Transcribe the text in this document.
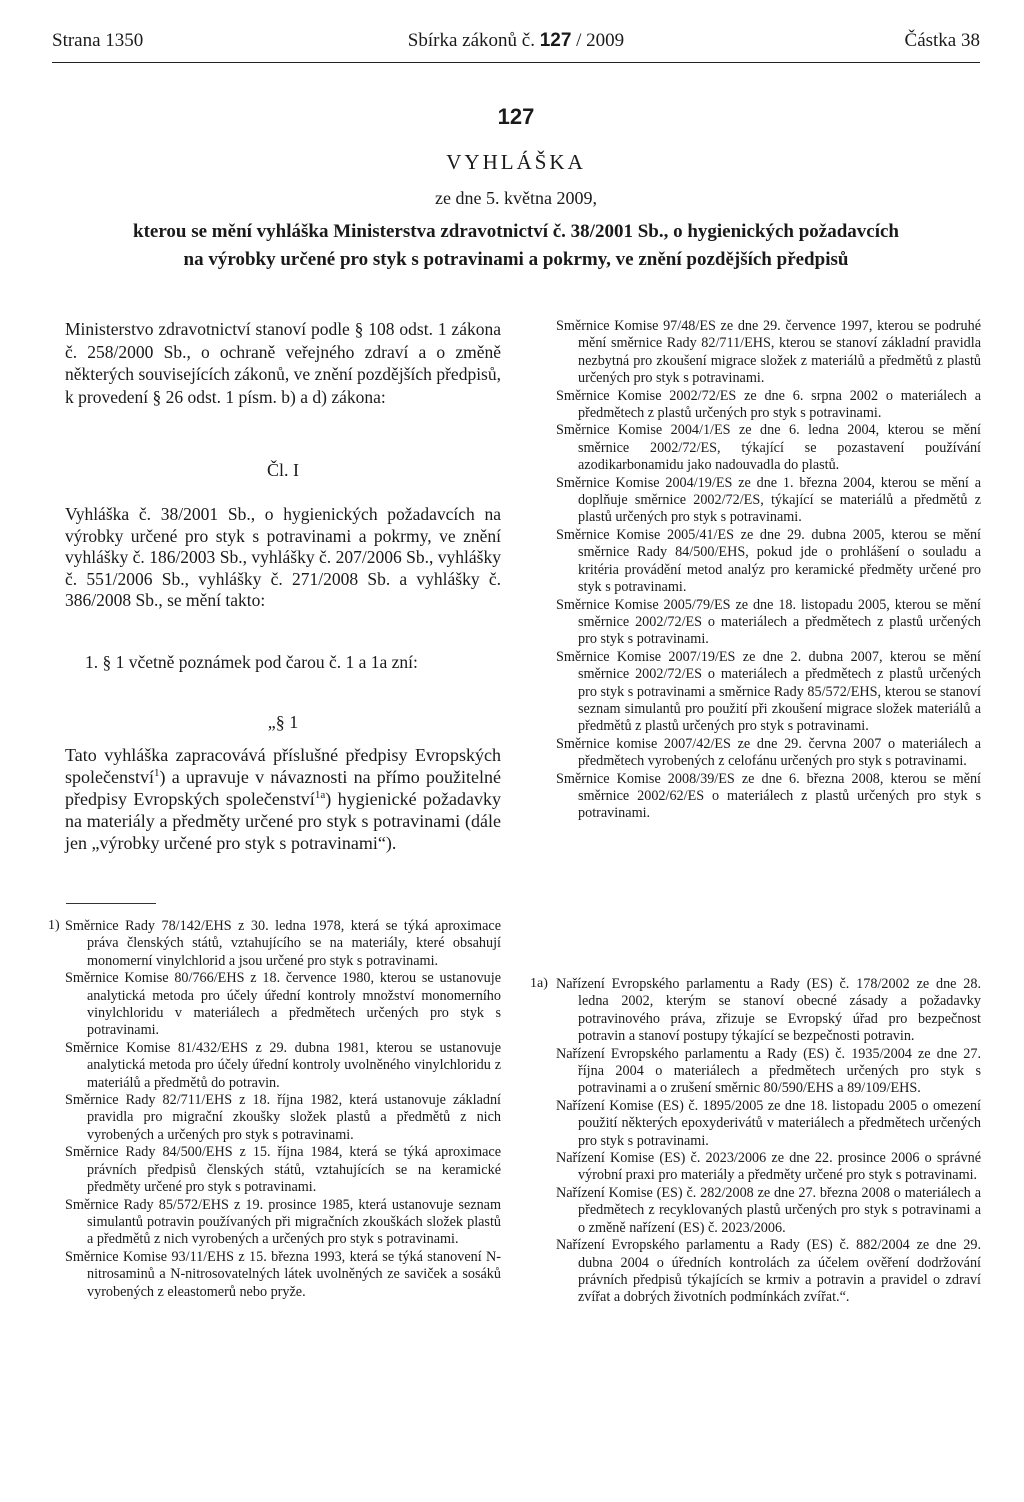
Strana 1350	Sbírka zákonů č. 127 / 2009	Částka 38
127
VYHLÁŠKA
ze dne 5. května 2009,
kterou se mění vyhláška Ministerstva zdravotnictví č. 38/2001 Sb., o hygienických požadavcích
na výrobky určené pro styk s potravinami a pokrmy, ve znění pozdějších předpisů
Ministerstvo zdravotnictví stanoví podle § 108 odst. 1 zákona č. 258/2000 Sb., o ochraně veřejného zdraví a o změně některých souvisejících zákonů, ve znění pozdějších předpisů, k provedení § 26 odst. 1 písm. b) a d) zákona:
Čl. I
Vyhláška č. 38/2001 Sb., o hygienických požadavcích na výrobky určené pro styk s potravinami a pokrmy, ve znění vyhlášky č. 186/2003 Sb., vyhlášky č. 207/2006 Sb., vyhlášky č. 551/2006 Sb., vyhlášky č. 271/2008 Sb. a vyhlášky č. 386/2008 Sb., se mění takto:
1. § 1 včetně poznámek pod čarou č. 1 a 1a zní:
„§ 1
Tato vyhláška zapracovává příslušné předpisy Evropských společenství$^1$) a upravuje v návaznosti na přímo použitelné předpisy Evropských společenství$^{1a}$) hygienické požadavky na materiály a předměty určené pro styk s potravinami (dále jen „výrobky určené pro styk s potravinami“).
1) Směrnice Rady 78/142/EHS z 30. ledna 1978, která se týká aproximace práva členských států, vztahujícího se na materiály, které obsahují monomerní vinylchlorid a jsou určené pro styk s potravinami.

Směrnice Komise 80/766/EHS z 18. července 1980, kterou se ustanovuje analytická metoda pro účely úřední kontroly množství monomerního vinylchloridu v materiálech a předmětech určených pro styk s potravinami.

Směrnice Komise 81/432/EHS z 29. dubna 1981, kterou se ustanovuje analytická metoda pro účely úřední kontroly uvolněného vinylchloridu z materiálů a předmětů do potravin.

Směrnice Rady 82/711/EHS z 18. října 1982, která ustanovuje základní pravidla pro migrační zkoušky složek plastů a předmětů z nich vyrobených a určených pro styk s potravinami.

Směrnice Rady 84/500/EHS z 15. října 1984, která se týká aproximace právních předpisů členských států, vztahujících se na keramické předměty určené pro styk s potravinami.

Směrnice Rady 85/572/EHS z 19. prosince 1985, která ustanovuje seznam simulantů potravin používaných při migračních zkouškách složek plastů a předmětů z nich vyrobených a určených pro styk s potravinami.

Směrnice Komise 93/11/EHS z 15. března 1993, která se týká stanovení N-nitrosaminů a N-nitrosovatelných látek uvolněných ze saviček a sosáků vyrobených z eleastomerů nebo pryže.

Směrnice Komise 97/48/ES ze dne 29. července 1997, kterou se podruhé mění směrnice Rady 82/711/EHS, kterou se stanoví základní pravidla nezbytná pro zkoušení migrace složek z materiálů a předmětů z plastů určených pro styk s potravinami.

Směrnice Komise 2002/72/ES ze dne 6. srpna 2002 o materiálech a předmětech z plastů určených pro styk s potravinami.

Směrnice Komise 2004/1/ES ze dne 6. ledna 2004, kterou se mění směrnice 2002/72/ES, týkající se pozastavení používání azodikarbonamidu jako nadouvadla do plastů.

Směrnice Komise 2004/19/ES ze dne 1. března 2004, kterou se mění a doplňuje směrnice 2002/72/ES, týkající se materiálů a předmětů z plastů určených pro styk s potravinami.

Směrnice Komise 2005/41/ES ze dne 29. dubna 2005, kterou se mění směrnice Rady 84/500/EHS, pokud jde o prohlášení o souladu a kritéria provádění metod analýz pro keramické předměty určené pro styk s potravinami.

Směrnice Komise 2005/79/ES ze dne 18. listopadu 2005, kterou se mění směrnice 2002/72/ES o materiálech a předmětech z plastů určených pro styk s potravinami.

Směrnice Komise 2007/19/ES ze dne 2. dubna 2007, kterou se mění směrnice 2002/72/ES o materiálech a předmětech z plastů určených pro styk s potravinami a směrnice Rady 85/572/EHS, kterou se stanoví seznam simulantů pro použití při zkoušení migrace složek materiálů a předmětů z plastů určených pro styk s potravinami.

Směrnice komise 2007/42/ES ze dne 29. června 2007 o materiálech a předmětech vyrobených z celofánu určených pro styk s potravinami.

Směrnice Komise 2008/39/ES ze dne 6. března 2008, kterou se mění směrnice 2002/62/ES o materiálech z plastů určených pro styk s potravinami.

1a) Nařízení Evropského parlamentu a Rady (ES) č. 178/2002 ze dne 28. ledna 2002, kterým se stanoví obecné zásady a požadavky potravinového práva, zřizuje se Evropský úřad pro bezpečnost potravin a stanoví postupy týkající se bezpečnosti potravin.

Nařízení Evropského parlamentu a Rady (ES) č. 1935/2004 ze dne 27. října 2004 o materiálech a předmětech určených pro styk s potravinami a o zrušení směrnic 80/590/EHS a 89/109/EHS.

Nařízení Komise (ES) č. 1895/2005 ze dne 18. listopadu 2005 o omezení použití některých epoxyderivátů v materiálech a předmětech určených pro styk s potravinami.

Nařízení Komise (ES) č. 2023/2006 ze dne 22. prosince 2006 o správné výrobní praxi pro materiály a předměty určené pro styk s potravinami.

Nařízení Komise (ES) č. 282/2008 ze dne 27. března 2008 o materiálech a předmětech z recyklovaných plastů určených pro styk s potravinami a o změně nařízení (ES) č. 2023/2006.

Nařízení Evropského parlamentu a Rady (ES) č. 882/2004 ze dne 29. dubna 2004 o úředních kontrolách za účelem ověření dodržování právních předpisů týkajících se krmiv a potravin a pravidel o zdraví zvířat a dobrých životních podmínkách zvířat.“.
